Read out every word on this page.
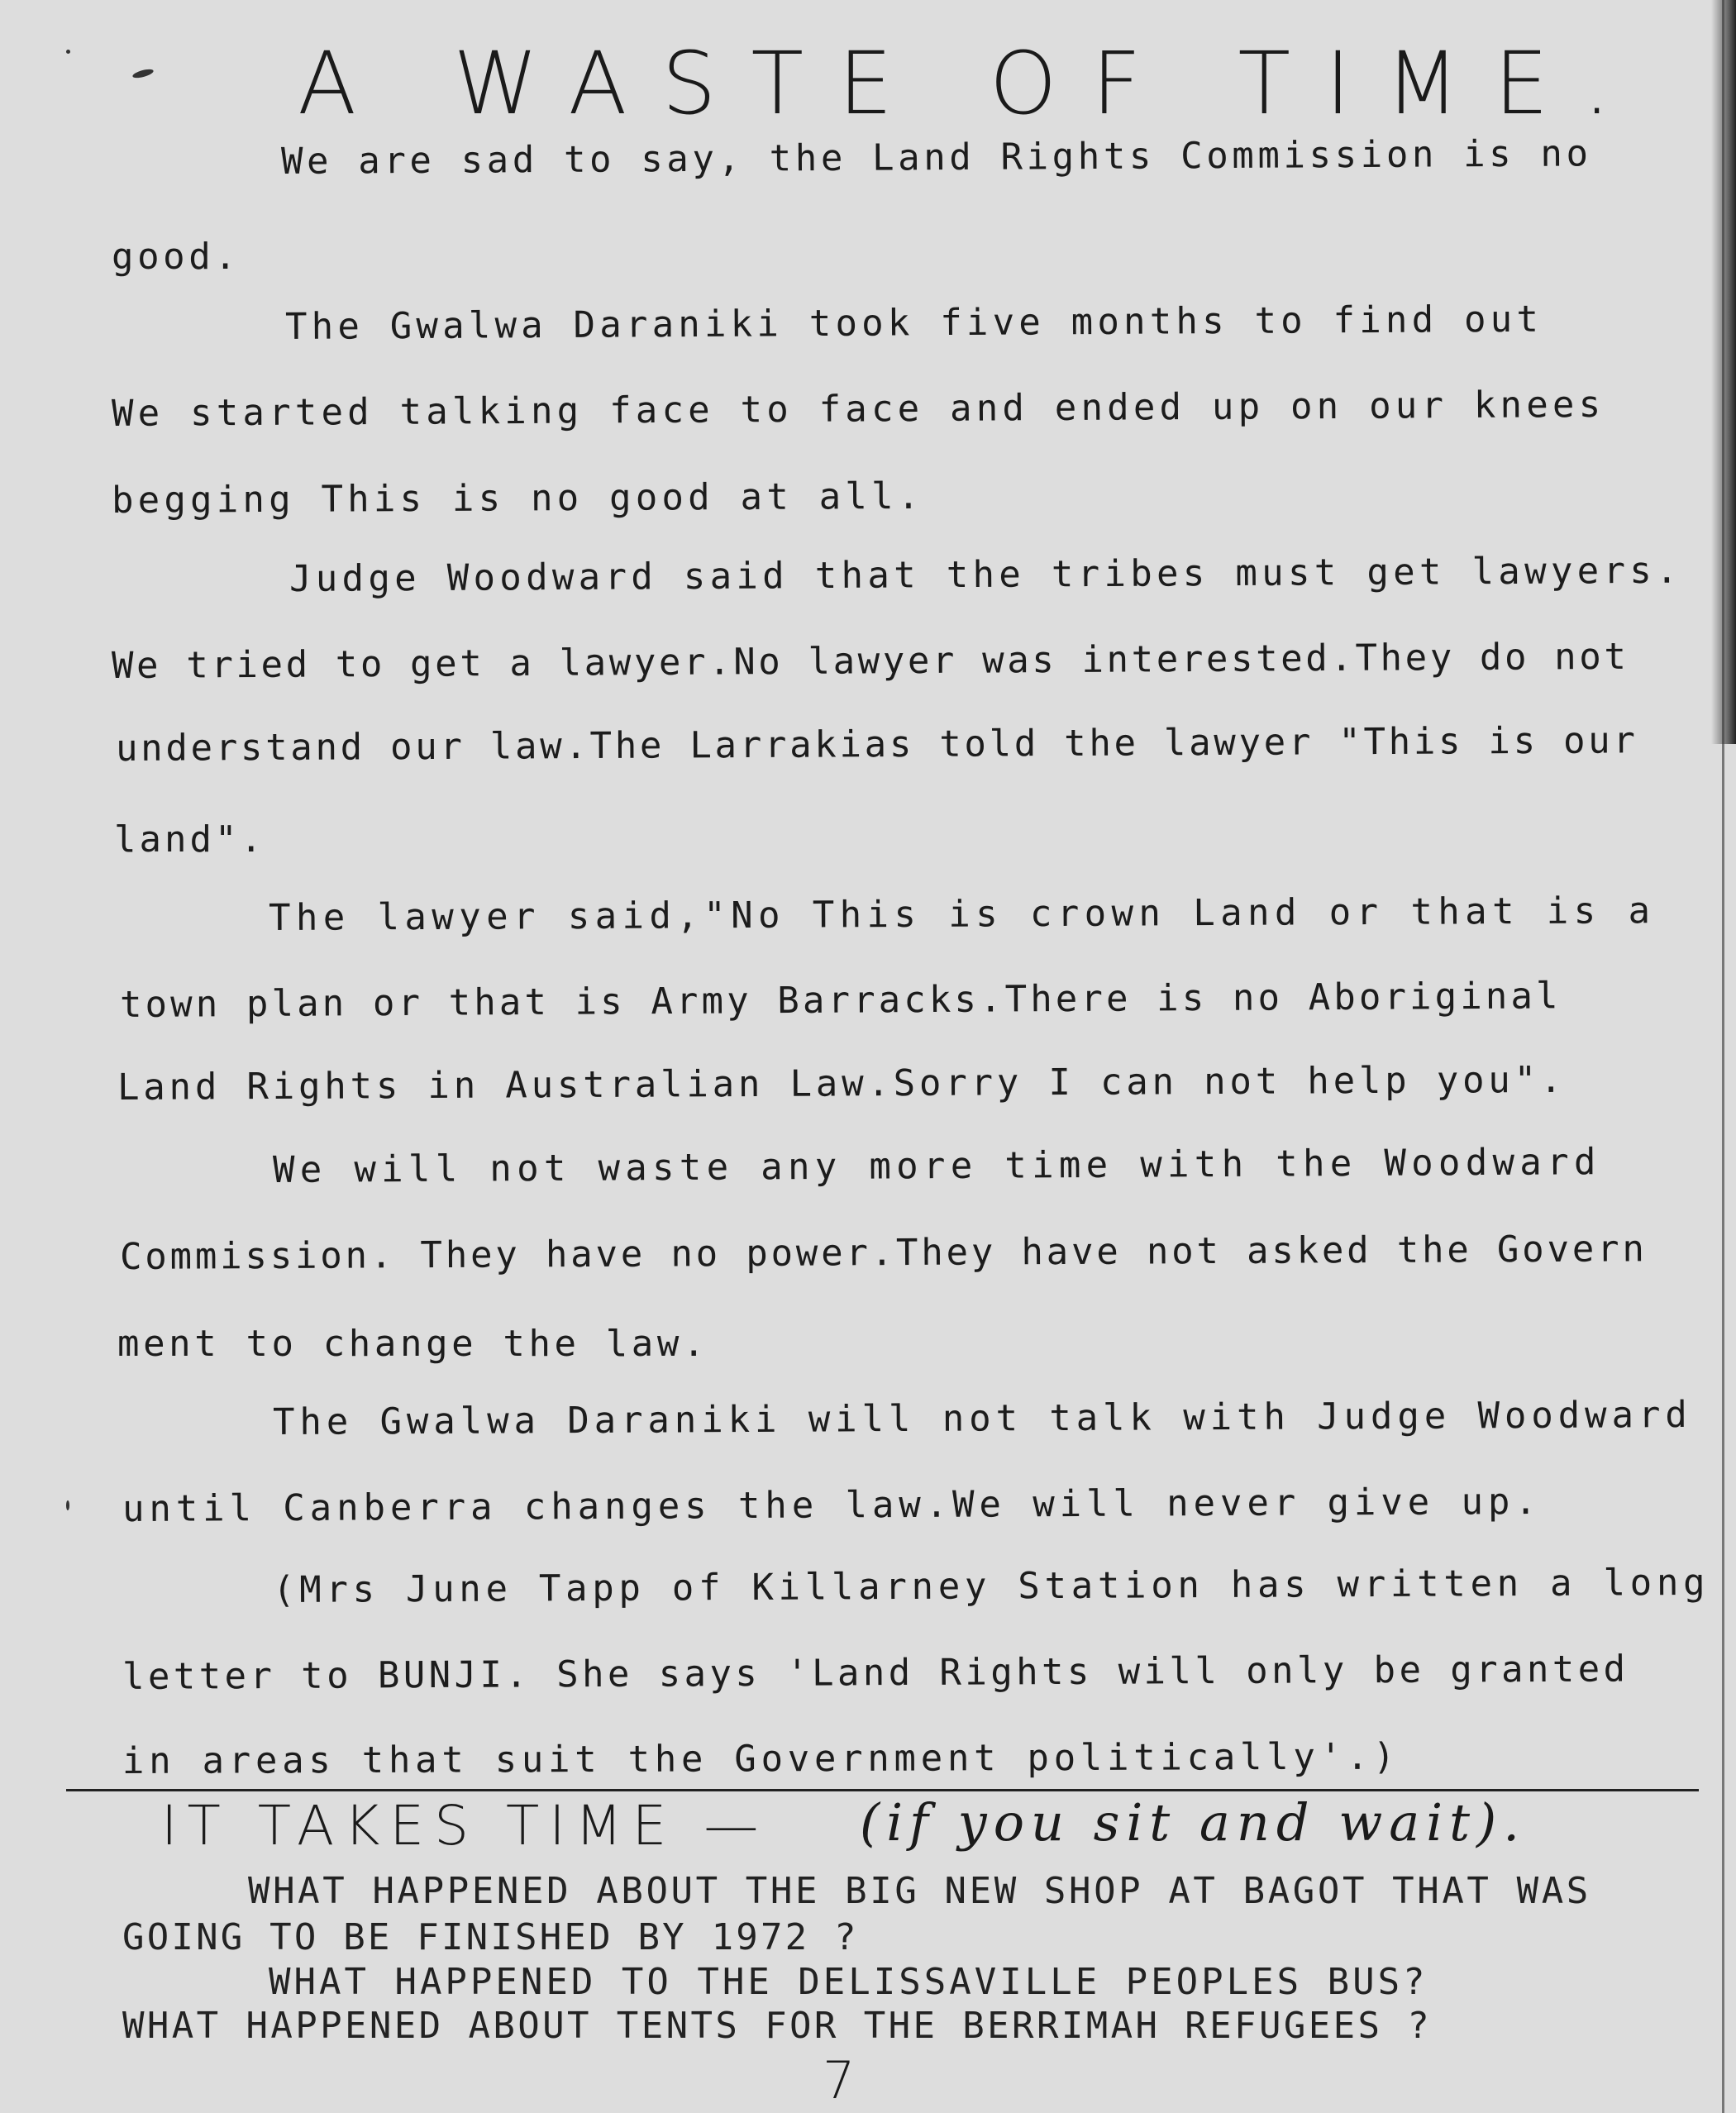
A WASTE OF TIME.
We are sad to say, the Land Rights Commission is no
good.
The Gwalwa Daraniki took five months to find out
We started talking face to face and ended up on our knees
begging This is no good at all.
Judge Woodward said that the tribes must get lawyers.
We tried to get a lawyer.No lawyer was interested.They do not
understand our law.The Larrakias told the lawyer "This is our
land".
The lawyer said,"No This is crown Land or that is a
town plan or that is Army Barracks.There is no Aboriginal
Land Rights in Australian Law.Sorry I can not help you".
We will not waste any more time with the Woodward
Commission. They have no power.They have not asked the Govern
ment to change the law.
The Gwalwa Daraniki will not talk with Judge Woodward
until Canberra changes the law.We will never give up.
(Mrs June Tapp of Killarney Station has written a long
letter to BUNJI. She says 'Land Rights will only be granted
in areas that suit the Government politically'.)
IT TAKES TIME — (if you sit and wait).
WHAT HAPPENED ABOUT THE BIG NEW SHOP AT BAGOT THAT WAS
GOING TO BE FINISHED BY 1972 ?
WHAT HAPPENED TO THE DELISSAVILLE PEOPLES BUS?
WHAT HAPPENED ABOUT TENTS FOR THE BERRIMAH REFUGEES ?
7
